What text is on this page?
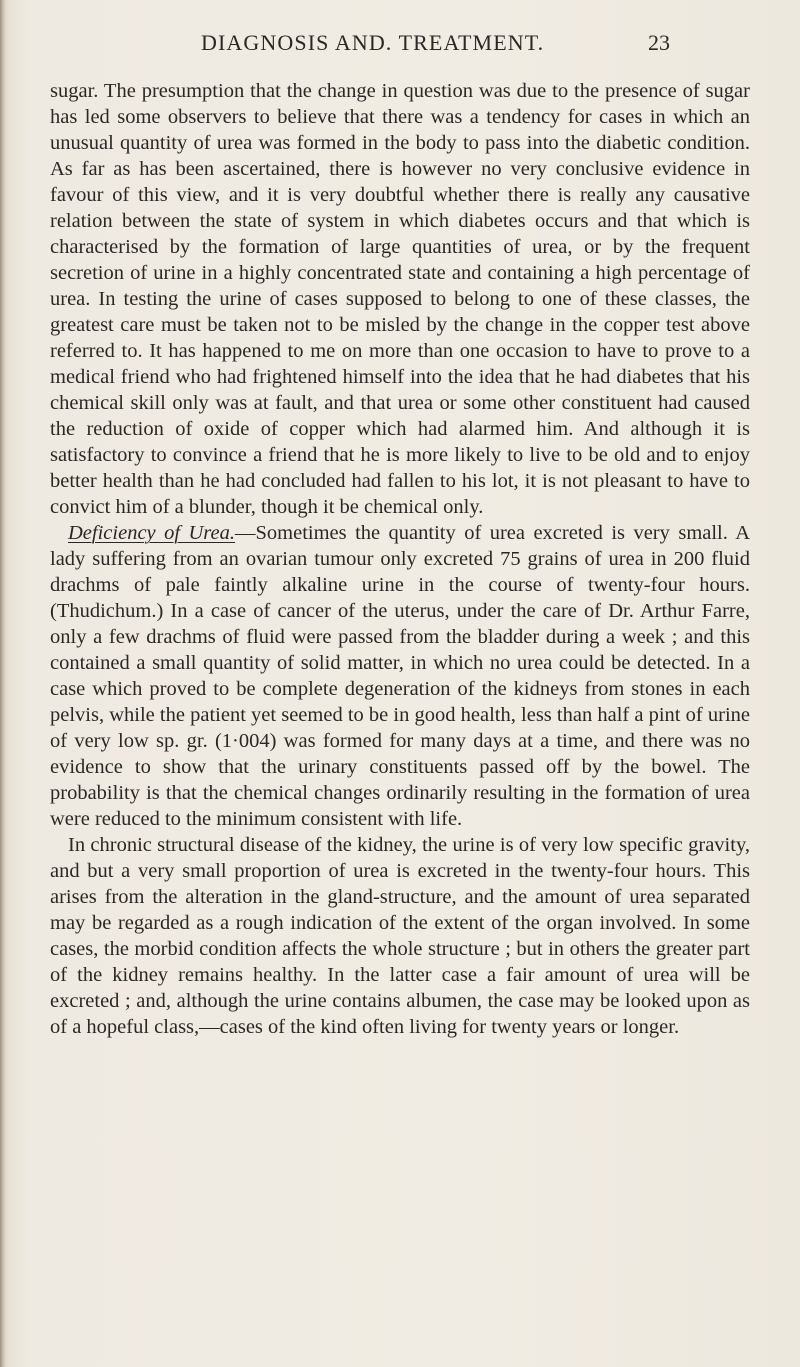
DIAGNOSIS AND. TREATMENT.	23

sugar. The presumption that the change in question was due to the presence of sugar has led some observers to believe that there was a tendency for cases in which an unusual quantity of urea was formed in the body to pass into the diabetic condition. As far as has been ascertained, there is however no very conclusive evidence in favour of this view, and it is very doubtful whether there is really any causative relation between the state of system in which diabetes occurs and that which is characterised by the formation of large quantities of urea, or by the frequent secretion of urine in a highly concentrated state and containing a high percentage of urea. In testing the urine of cases supposed to belong to one of these classes, the greatest care must be taken not to be misled by the change in the copper test above referred to. It has happened to me on more than one occasion to have to prove to a medical friend who had frightened himself into the idea that he had diabetes that his chemical skill only was at fault, and that urea or some other constituent had caused the reduction of oxide of copper which had alarmed him. And although it is satisfactory to convince a friend that he is more likely to live to be old and to enjoy better health than he had concluded had fallen to his lot, it is not pleasant to have to convict him of a blunder, though it be chemical only.

Deficiency of Urea.—Sometimes the quantity of urea excreted is very small. A lady suffering from an ovarian tumour only excreted 75 grains of urea in 200 fluid drachms of pale faintly alkaline urine in the course of twenty-four hours. (Thudichum.) In a case of cancer of the uterus, under the care of Dr. Arthur Farre, only a few drachms of fluid were passed from the bladder during a week ; and this contained a small quantity of solid matter, in which no urea could be detected. In a case which proved to be complete degeneration of the kidneys from stones in each pelvis, while the patient yet seemed to be in good health, less than half a pint of urine of very low sp. gr. (1·004) was formed for many days at a time, and there was no evidence to show that the urinary constituents passed off by the bowel. The probability is that the chemical changes ordinarily resulting in the formation of urea were reduced to the minimum consistent with life.

In chronic structural disease of the kidney, the urine is of very low specific gravity, and but a very small proportion of urea is excreted in the twenty-four hours. This arises from the alteration in the gland-structure, and the amount of urea separated may be regarded as a rough indication of the extent of the organ involved. In some cases, the morbid condition affects the whole structure ; but in others the greater part of the kidney remains healthy. In the latter case a fair amount of urea will be excreted ; and, although the urine contains albumen, the case may be looked upon as of a hopeful class,—cases of the kind often living for twenty years or longer.
